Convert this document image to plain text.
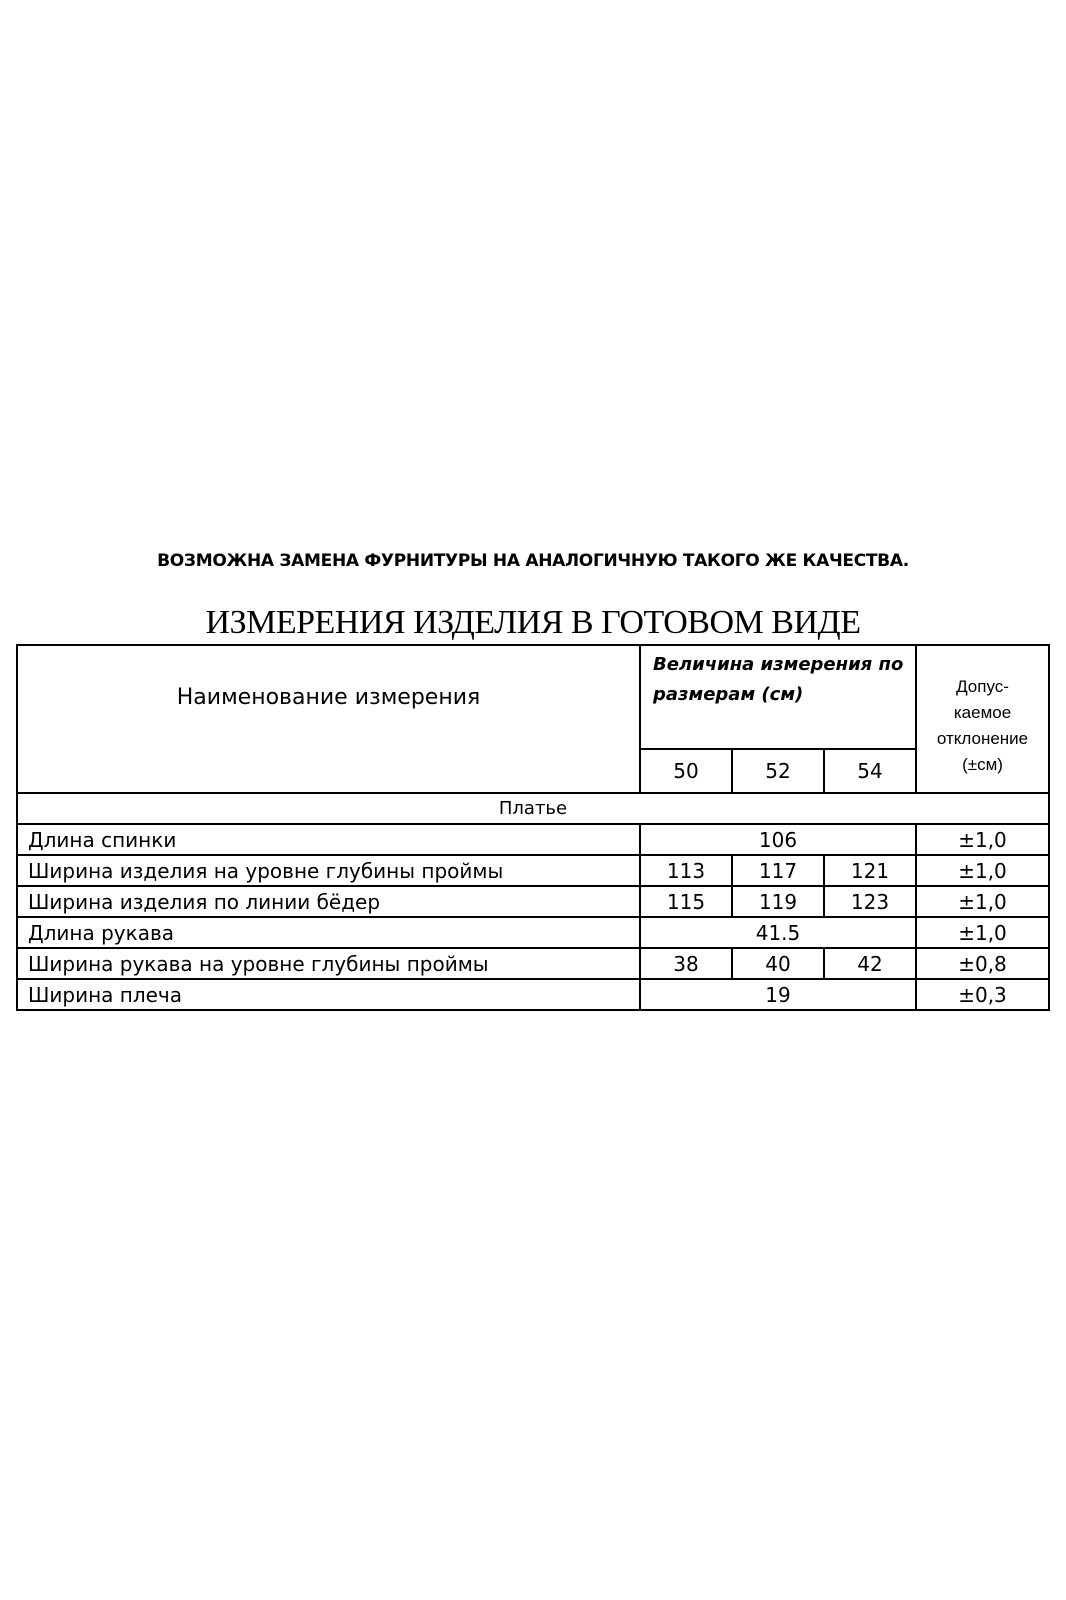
ВОЗМОЖНА ЗАМЕНА ФУРНИТУРЫ НА АНАЛОГИЧНУЮ ТАКОГО ЖЕ КАЧЕСТВА.
ИЗМЕРЕНИЯ ИЗДЕЛИЯ В ГОТОВОМ ВИДЕ
Наименование измерения	Величина измерения по размерам (см)			Допус-
каемое
отклонение
(±см)

	50	52	54	
Платье				
Длина спинки	106			±1,0
Ширина изделия на уровне глубины проймы	113	117	121	±1,0
Ширина изделия по линии бёдер	115	119	123	±1,0
Длина рукава	41.5			±1,0
Ширина рукава на уровне глубины проймы	38	40	42	±0,8
Ширина плеча	19			±0,3
